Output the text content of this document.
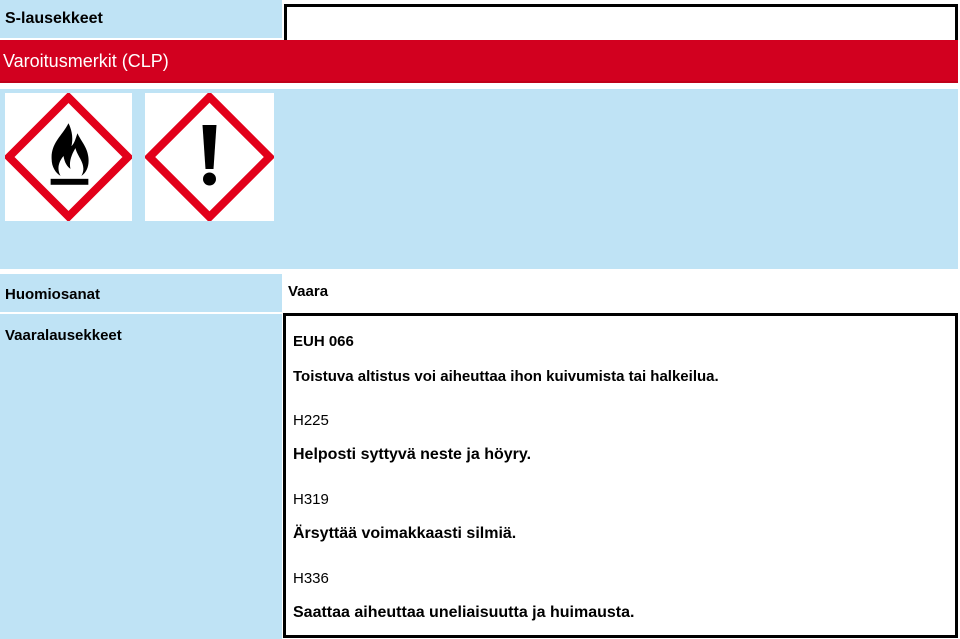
S-lausekkeet
Varoitusmerkit (CLP)
Huomiosanat	Vaara
Vaaralausekkeet	EUH 066
Toistuva altistus voi aiheuttaa ihon kuivumista tai halkeilua.
H225
Helposti syttyvä neste ja höyry.
H319
Ärsyttää voimakkaasti silmiä.
H336
Saattaa aiheuttaa uneliaisuutta ja huimausta.
